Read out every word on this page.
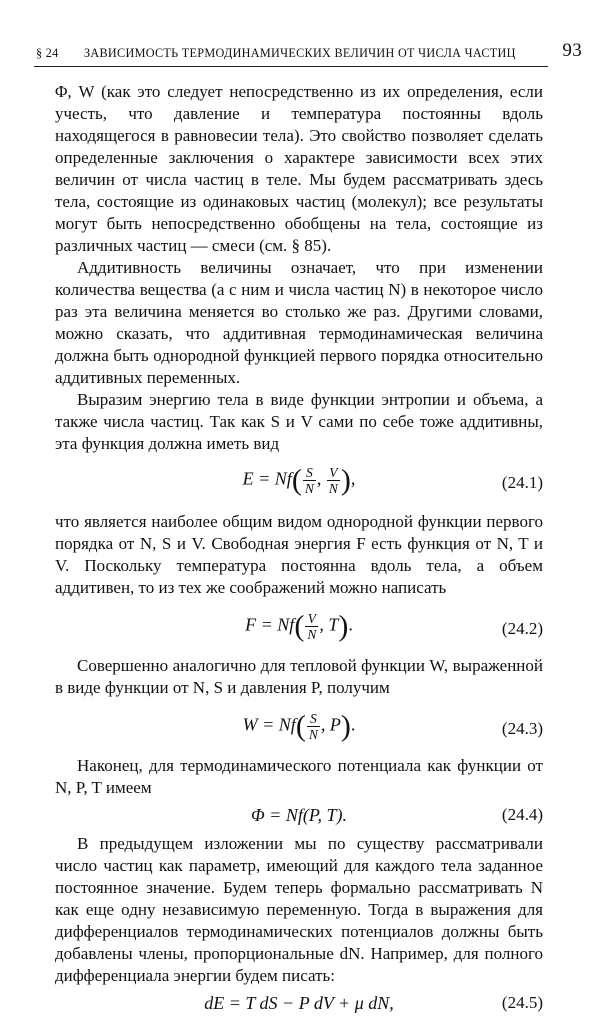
§ 24 ЗАВИСИМОСТЬ ТЕРМОДИНАМИЧЕСКИХ ВЕЛИЧИН ОТ ЧИСЛА ЧАСТИЦ 93

Φ, W (как это следует непосредственно из их определения, если учесть, что давление и температура постоянны вдоль находящегося в равновесии тела). Это свойство позволяет сделать определенные заключения о характере зависимости всех этих величин от числа частиц в теле. Мы будем рассматривать здесь тела, состоящие из одинаковых частиц (молекул); все результаты могут быть непосредственно обобщены на тела, состоящие из различных частиц — смеси (см. § 85).

Аддитивность величины означает, что при изменении количества вещества (а с ним и числа частиц N) в некоторое число раз эта величина меняется во столько же раз. Другими словами, можно сказать, что аддитивная термодинамическая величина должна быть однородной функцией первого порядка относительно аддитивных переменных.

Выразим энергию тела в виде функции энтропии и объема, а также числа частиц. Так как S и V сами по себе тоже аддитивны, эта функция должна иметь вид

$E = Nf( \frac{S}{N}$ , $\frac{V}{N}$ ),	(24.1)

что является наиболее общим видом однородной функции первого порядка от N, S и V. Свободная энергия F есть функция от N, T и V. Поскольку температура постоянна вдоль тела, а объем аддитивен, то из тех же соображений можно написать

$F = Nf( \frac{V}{N}$ , T).	(24.2)

Совершенно аналогично для тепловой функции W, выраженной в виде функции от N, S и давления P, получим

$W = Nf( \frac{S}{N}$ , P).	(24.3)

Наконец, для термодинамического потенциала как функции от N, P, T имеем

Φ = Nf(P, T).	(24.4)

В предыдущем изложении мы по существу рассматривали число частиц как параметр, имеющий для каждого тела заданное постоянное значение. Будем теперь формально рассматривать N как еще одну независимую переменную. Тогда в выражения для дифференциалов термодинамических потенциалов должны быть добавлены члены, пропорциональные dN. Например, для полного дифференциала энергии будем писать:

dE = T dS − P dV + μ dN,	(24.5)
